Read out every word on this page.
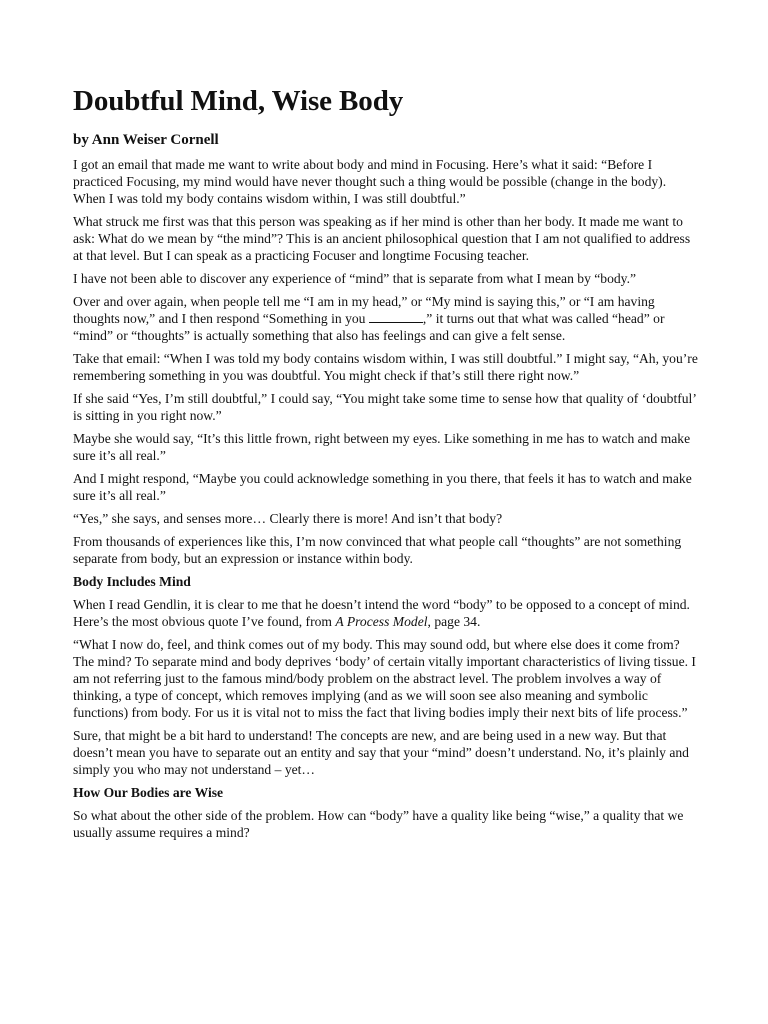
Doubtful Mind, Wise Body
by Ann Weiser Cornell

I got an email that made me want to write about body and mind in Focusing. Here’s what it said: “Before I practiced Focusing, my mind would have never thought such a thing would be possible (change in the body). When I was told my body contains wisdom within, I was still doubtful.”

What struck me first was that this person was speaking as if her mind is other than her body. It made me want to ask: What do we mean by “the mind”? This is an ancient philosophical question that I am not qualified to address at that level. But I can speak as a practicing Focuser and longtime Focusing teacher.

I have not been able to discover any experience of “mind” that is separate from what I mean by “body.”

Over and over again, when people tell me “I am in my head,” or “My mind is saying this,” or “I am having thoughts now,” and I then respond “Something in you	,” it turns out that what was called “head” or “mind” or “thoughts” is actually something that also has feelings and can give a felt sense.

Take that email: “When I was told my body contains wisdom within, I was still doubtful.” I might say, “Ah, you’re remembering something in you was doubtful. You might check if that’s still there right now.”

If she said “Yes, I’m still doubtful,” I could say, “You might take some time to sense how that quality of ‘doubtful’ is sitting in you right now.”

Maybe she would say, “It’s this little frown, right between my eyes. Like something in me has to watch and make sure it’s all real.”

And I might respond, “Maybe you could acknowledge something in you there, that feels it has to watch and make sure it’s all real.”

“Yes,” she says, and senses more… Clearly there is more! And isn’t that body?

From thousands of experiences like this, I’m now convinced that what people call “thoughts” are not something separate from body, but an expression or instance within body.

Body Includes Mind

When I read Gendlin, it is clear to me that he doesn’t intend the word “body” to be opposed to a concept of mind. Here’s the most obvious quote I’ve found, from A Process Model, page 34.

“What I now do, feel, and think comes out of my body. This may sound odd, but where else does it come from? The mind? To separate mind and body deprives ‘body’ of certain vitally important characteristics of living tissue. I am not referring just to the famous mind/body problem on the abstract level. The problem involves a way of thinking, a type of concept, which removes implying (and as we will soon see also meaning and symbolic functions) from body. For us it is vital not to miss the fact that living bodies imply their next bits of life process.”

Sure, that might be a bit hard to understand! The concepts are new, and are being used in a new way. But that doesn’t mean you have to separate out an entity and say that your “mind” doesn’t understand. No, it’s plainly and simply you who may not understand – yet…

How Our Bodies are Wise

So what about the other side of the problem. How can “body” have a quality like being “wise,” a quality that we usually assume requires a mind?
